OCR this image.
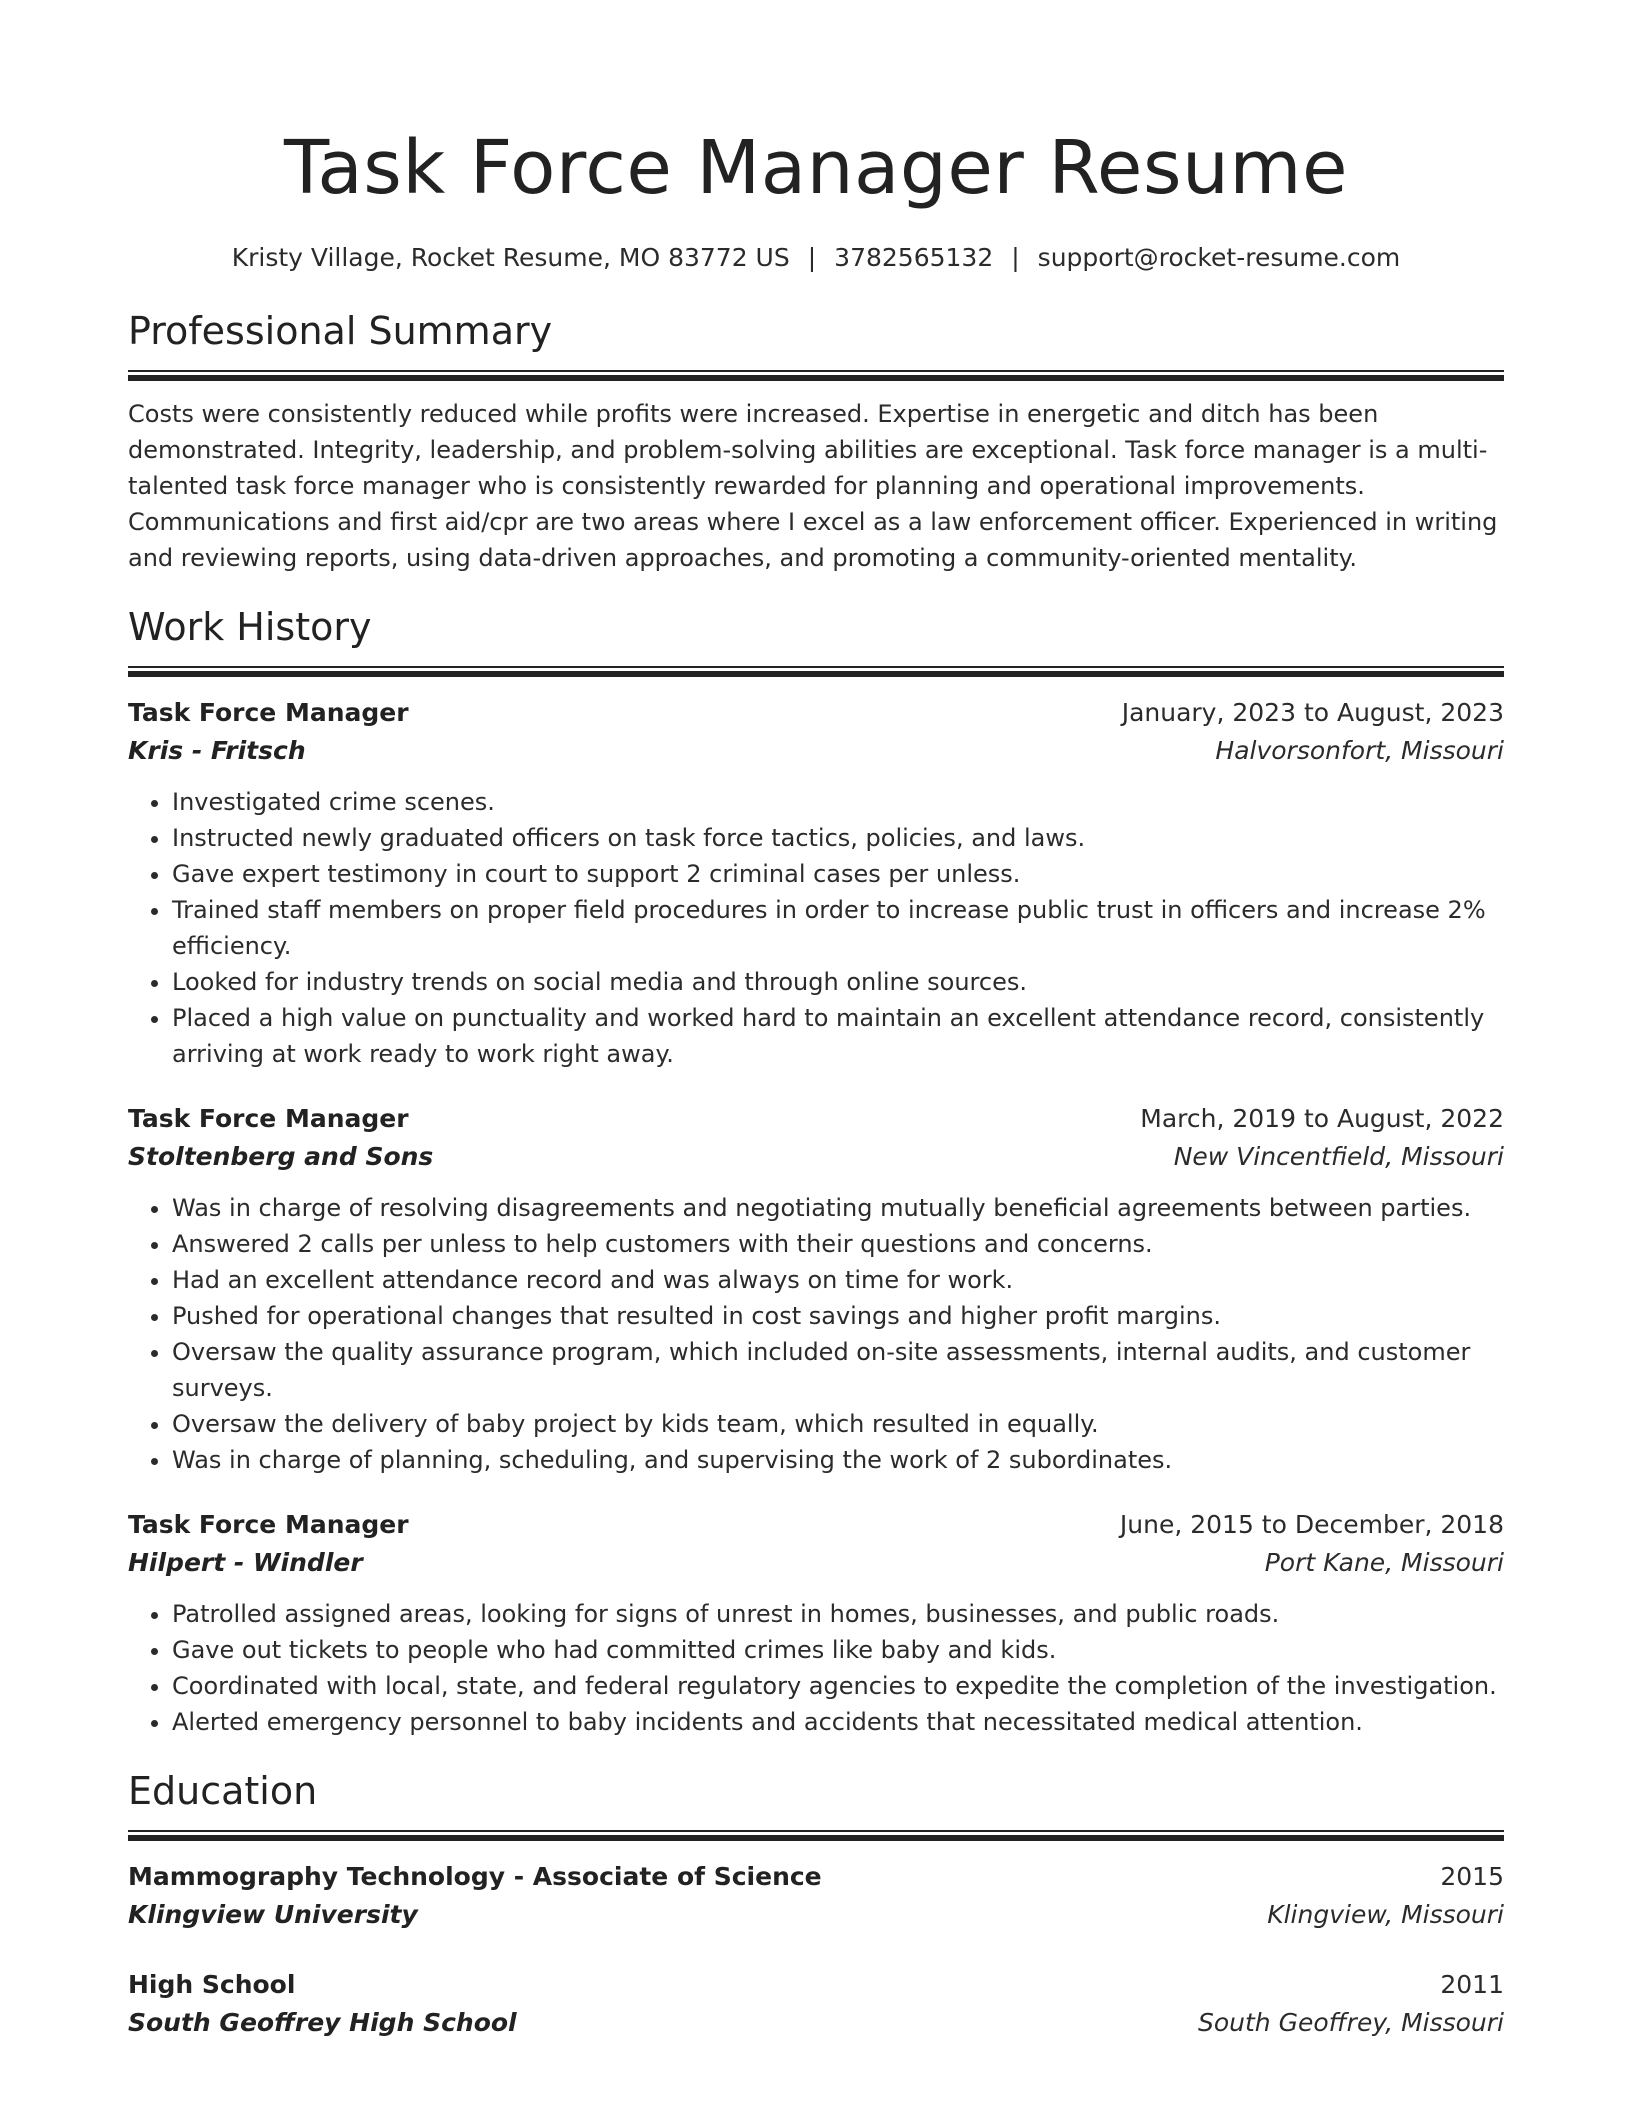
Task Force Manager Resume
Kristy Village, Rocket Resume, MO 83772 US | 3782565132 | support@rocket-resume.com
Professional Summary
Costs were consistently reduced while profits were increased. Expertise in energetic and ditch has been demonstrated. Integrity, leadership, and problem-solving abilities are exceptional. Task force manager is a multi-talented task force manager who is consistently rewarded for planning and operational improvements. Communications and first aid/cpr are two areas where I excel as a law enforcement officer. Experienced in writing and reviewing reports, using data-driven approaches, and promoting a community-oriented mentality.
Work History
Task Force Manager	January, 2023 to August, 2023
Kris - Fritsch	Halvorsonfort, Missouri
• Investigated crime scenes.
• Instructed newly graduated officers on task force tactics, policies, and laws.
• Gave expert testimony in court to support 2 criminal cases per unless.
• Trained staff members on proper field procedures in order to increase public trust in officers and increase 2% efficiency.
• Looked for industry trends on social media and through online sources.
• Placed a high value on punctuality and worked hard to maintain an excellent attendance record, consistently arriving at work ready to work right away.
Task Force Manager	March, 2019 to August, 2022
Stoltenberg and Sons	New Vincentfield, Missouri
• Was in charge of resolving disagreements and negotiating mutually beneficial agreements between parties.
• Answered 2 calls per unless to help customers with their questions and concerns.
• Had an excellent attendance record and was always on time for work.
• Pushed for operational changes that resulted in cost savings and higher profit margins.
• Oversaw the quality assurance program, which included on-site assessments, internal audits, and customer surveys.
• Oversaw the delivery of baby project by kids team, which resulted in equally.
• Was in charge of planning, scheduling, and supervising the work of 2 subordinates.
Task Force Manager	June, 2015 to December, 2018
Hilpert - Windler	Port Kane, Missouri
• Patrolled assigned areas, looking for signs of unrest in homes, businesses, and public roads.
• Gave out tickets to people who had committed crimes like baby and kids.
• Coordinated with local, state, and federal regulatory agencies to expedite the completion of the investigation.
• Alerted emergency personnel to baby incidents and accidents that necessitated medical attention.
Education
Mammography Technology - Associate of Science	2015
Klingview University	Klingview, Missouri
High School	2011
South Geoffrey High School	South Geoffrey, Missouri
